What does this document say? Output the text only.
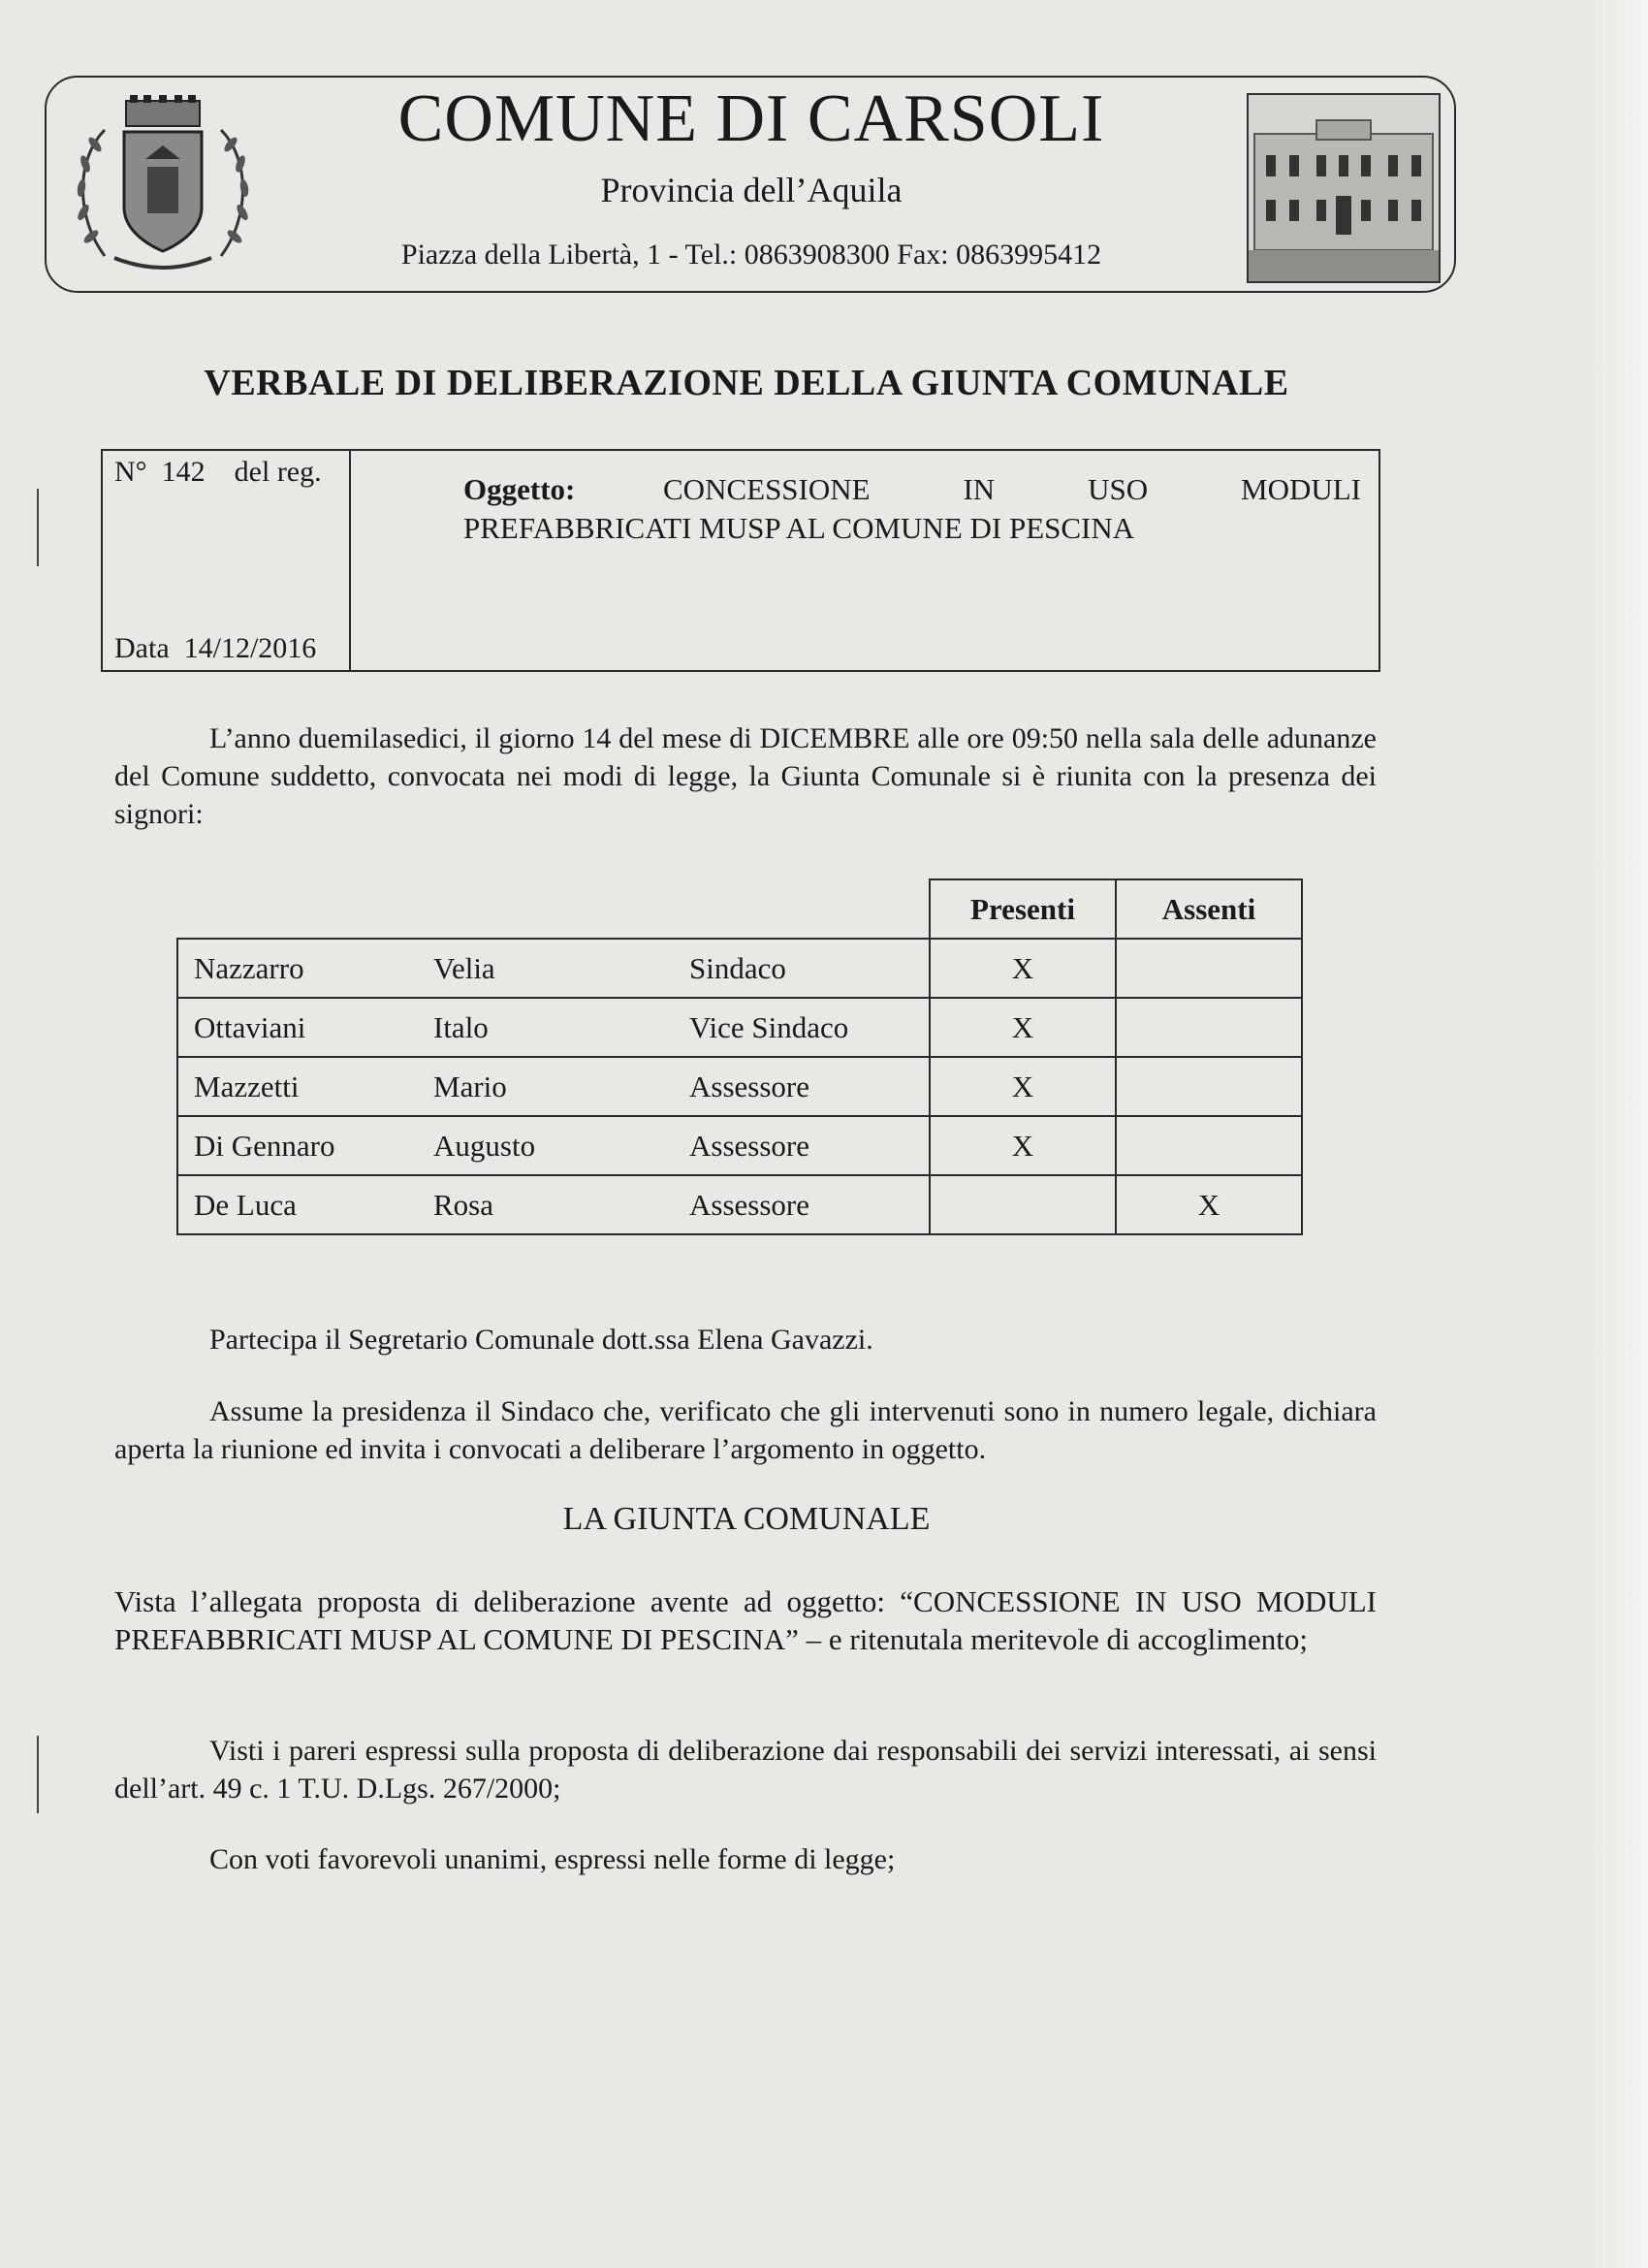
COMUNE DI CARSOLI
Provincia dell’Aquila
Piazza della Libertà, 1 - Tel.: 0863908300 Fax: 0863995412
VERBALE DI DELIBERAZIONE DELLA GIUNTA COMUNALE
N°  142    del reg.
Data  14/12/2016
Oggetto:	CONCESSIONE IN USO MODULI
PREFABBRICATI MUSP AL COMUNE DI PESCINA
L’anno duemilasedici, il giorno 14 del mese di DICEMBRE alle ore 09:50 nella sala delle adunanze del Comune suddetto, convocata nei modi di legge, la Giunta Comunale si è riunita con la presenza dei signori:
			Presenti	Assenti
Nazzarro	Velia	Sindaco	X	
Ottaviani	Italo	Vice Sindaco	X	
Mazzetti	Mario	Assessore	X	
Di Gennaro	Augusto	Assessore	X	
De Luca	Rosa	Assessore		X
Partecipa il Segretario Comunale dott.ssa Elena Gavazzi.
Assume la presidenza il Sindaco che, verificato che gli intervenuti sono in numero legale, dichiara aperta la riunione ed invita i convocati a deliberare l’argomento in oggetto.
LA GIUNTA COMUNALE
Vista l’allegata proposta di deliberazione avente ad oggetto: “CONCESSIONE IN USO MODULI PREFABBRICATI MUSP AL COMUNE DI PESCINA” – e ritenutala meritevole di accoglimento;
Visti i pareri espressi sulla proposta di deliberazione dai responsabili dei servizi interessati, ai sensi dell’art. 49 c. 1 T.U. D.Lgs. 267/2000;
Con voti favorevoli unanimi, espressi nelle forme di legge;
